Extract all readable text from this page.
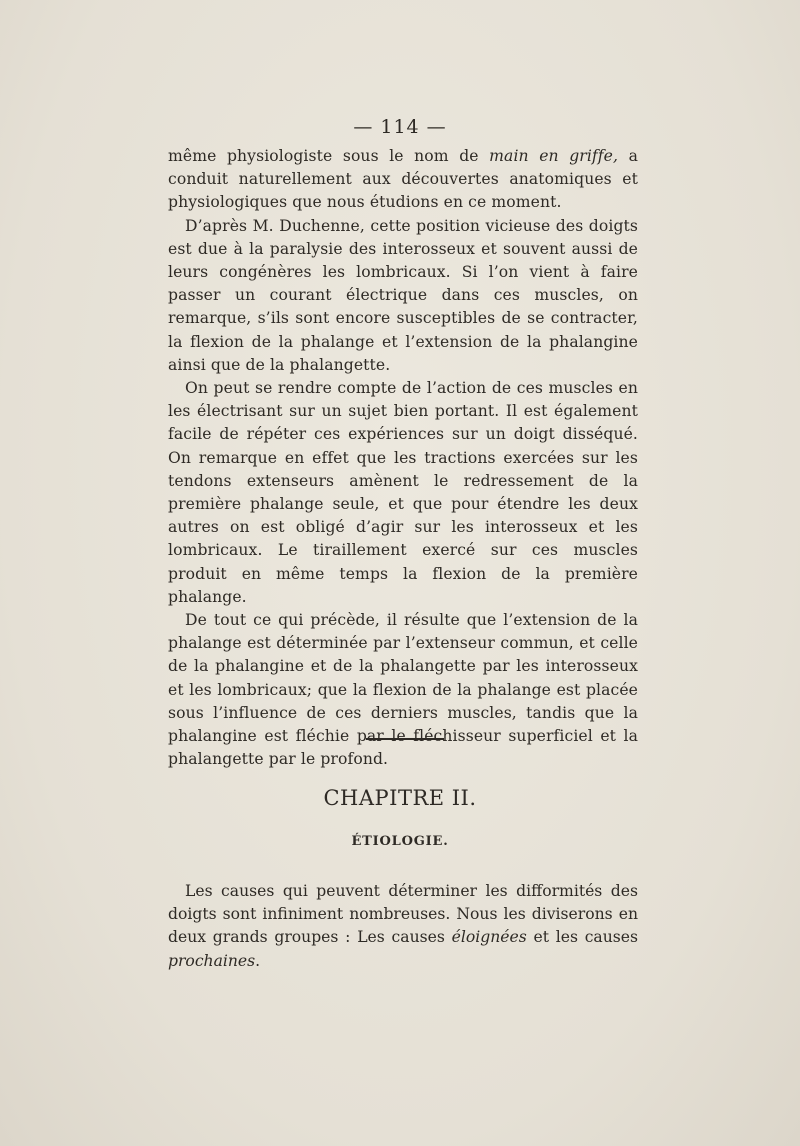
— 114 —

même physiologiste sous le nom de main en griffe, a conduit naturellement aux découvertes anatomiques et physiologiques que nous étudions en ce moment.

D’après M. Duchenne, cette position vicieuse des doigts est due à la paralysie des interosseux et souvent aussi de leurs congénères les lombricaux. Si l’on vient à faire passer un courant électrique dans ces muscles, on remarque, s’ils sont encore susceptibles de se contracter, la flexion de la phalange et l’extension de la phalangine ainsi que de la phalangette.

On peut se rendre compte de l’action de ces muscles en les électrisant sur un sujet bien portant. Il est également facile de répéter ces expériences sur un doigt disséqué. On remarque en effet que les tractions exercées sur les tendons extenseurs amènent le redressement de la première phalange seule, et que pour étendre les deux autres on est obligé d’agir sur les interosseux et les lombricaux. Le tiraillement exercé sur ces muscles produit en même temps la flexion de la première phalange.

De tout ce qui précède, il résulte que l’extension de la phalange est déterminée par l’extenseur commun, et celle de la phalangine et de la phalangette par les interosseux et les lombricaux; que la flexion de la phalange est placée sous l’influence de ces derniers muscles, tandis que la phalangine est fléchie par le fléchisseur superficiel et la phalangette par le profond.

CHAPITRE II.
ÉTIOLOGIE.

Les causes qui peuvent déterminer les difformités des doigts sont infiniment nombreuses. Nous les diviserons en deux grands groupes : Les causes éloignées et les causes prochaines.
